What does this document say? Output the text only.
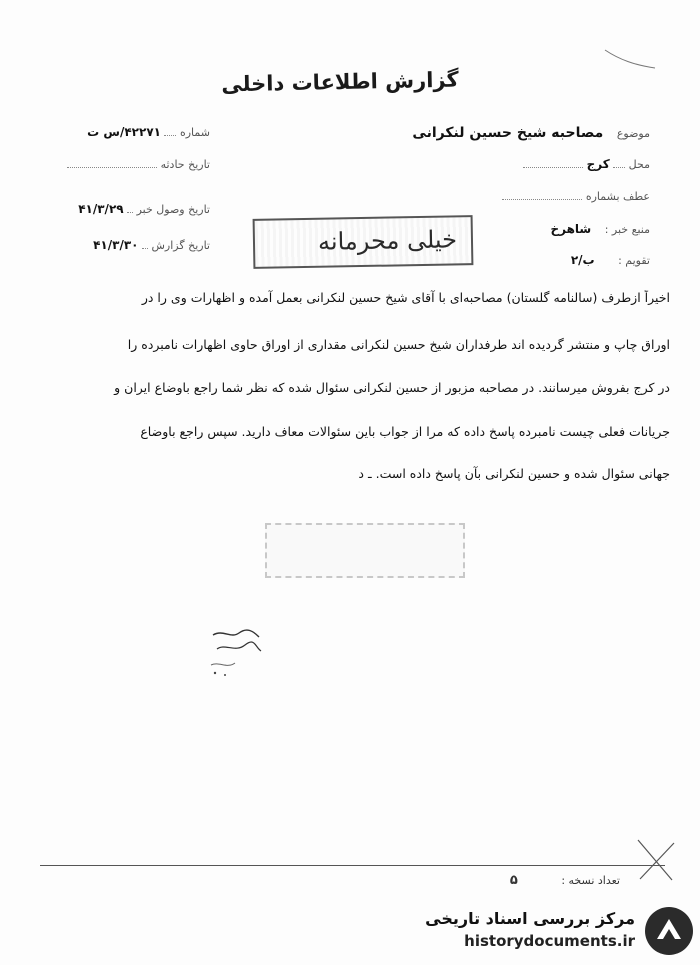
گزارش اطلاعات داخلی
موضوع مصاحبه شیخ حسین لنکرانی
محل  کرج
عطف بشماره
منبع خبر : شاهرخ
تقویم : ب/۲
شماره  ۴۲۲۷۱/س ت
تاریخ حادثه
تاریخ وصول خبر  ۴۱/۳/۲۹
تاریخ گزارش  ۴۱/۳/۳۰	خیلی محرمانه
اخیراً ازطرف (سالنامه گلستان) مصاحبه‌ای با آقای شیخ حسین لنکرانی بعمل آمده و اظهارات وی را در
اوراق چاپ و منتشر گردیده اند طرفداران شیخ حسین لنکرانی مقداری از اوراق حاوی اظهارات نامبرده را
در کرج بفروش میرسانند. در مصاحبه مزبور از حسین لنکرانی سئوال شده که نظر شما راجع باوضاع ایران و
جریانات فعلی چیست نامبرده پاسخ داده که مرا از جواب باین سئوالات معاف دارید. سپس راجع باوضاع
جهانی سئوال شده و حسین لنکرانی بآن پاسخ داده است. ـ د
تعداد نسخه : ۵
مرکز بررسی اسناد تاریخی
historydocuments.ir
